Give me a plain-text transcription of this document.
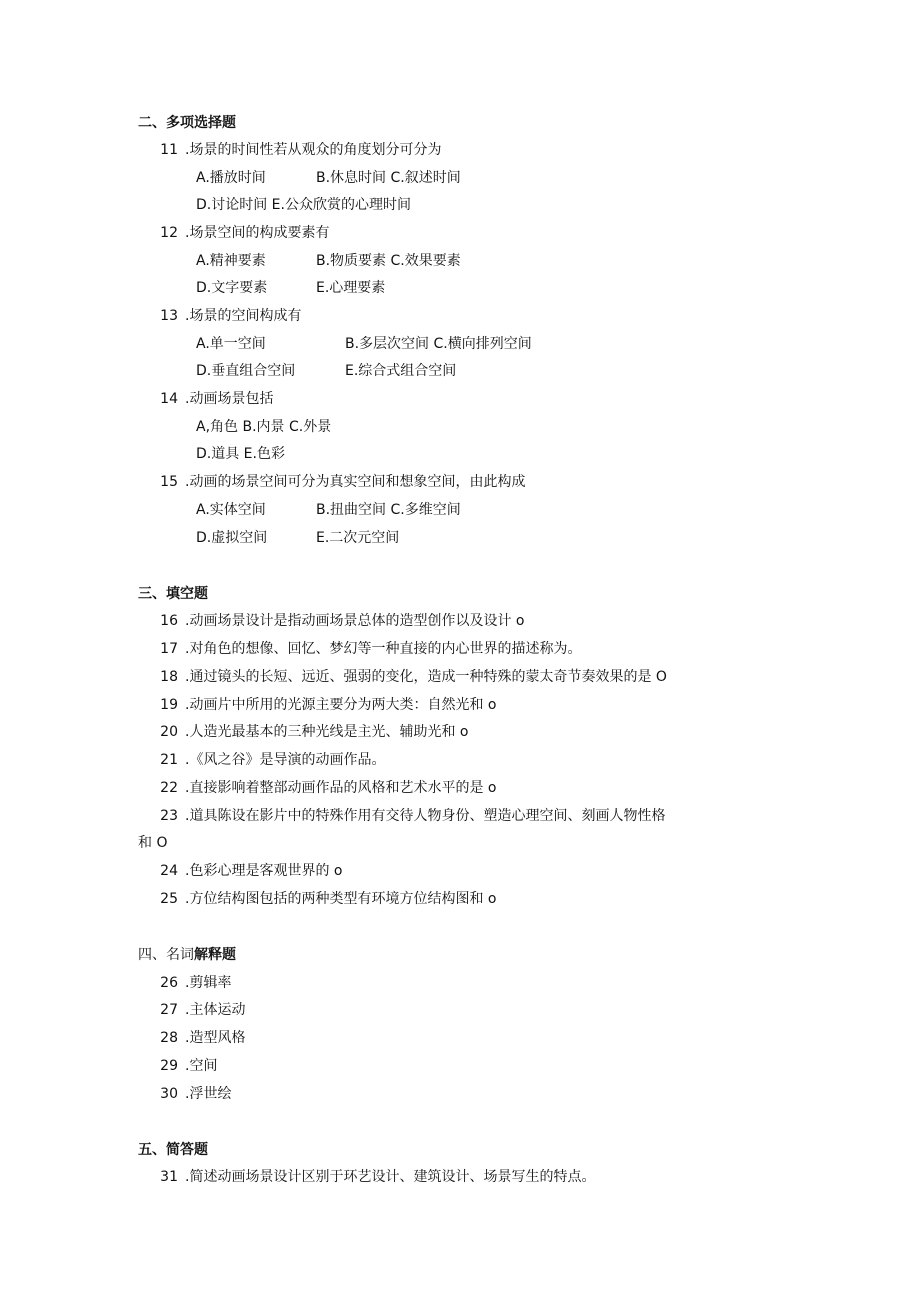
二、多项选择题
11 .场景的时间性若从观众的角度划分可分为
A.播放时间	B.休息时间 C.叙述时间
D.讨论时间 E.公众欣赏的心理时间
12 .场景空间的构成要素有
A.精神要素	B.物质要素 C.效果要素
D.文字要素	E.心理要素
13 .场景的空间构成有
A.单一空间	B.多层次空间 C.横向排列空间
D.垂直组合空间	E.综合式组合空间
14 .动画场景包括
A,角色 B.内景 C.外景
D.道具 E.色彩
15 .动画的场景空间可分为真实空间和想象空间，由此构成
A.实体空间	B.扭曲空间 C.多维空间
D.虚拟空间	E.二次元空间
三、填空题
16 .动画场景设计是指动画场景总体的造型创作以及设计 o
17 .对角色的想像、回忆、梦幻等一种直接的内心世界的描述称为。
18 .通过镜头的长短、远近、强弱的变化，造成一种特殊的蒙太奇节奏效果的是 O
19 .动画片中所用的光源主要分为两大类：自然光和 o
20 .人造光最基本的三种光线是主光、辅助光和 o
21 .《风之谷》是导演的动画作品。
22 .直接影响着整部动画作品的风格和艺术水平的是 o
23 .道具陈设在影片中的特殊作用有交待人物身份、塑造心理空间、刻画人物性格
和 O
24 .色彩心理是客观世界的 o
25 .方位结构图包括的两种类型有环境方位结构图和 o
四、名词解释题
26 .剪辑率
27 .主体运动
28 .造型风格
29 .空间
30 .浮世绘
五、简答题
31 .简述动画场景设计区别于环艺设计、建筑设计、场景写生的特点。
